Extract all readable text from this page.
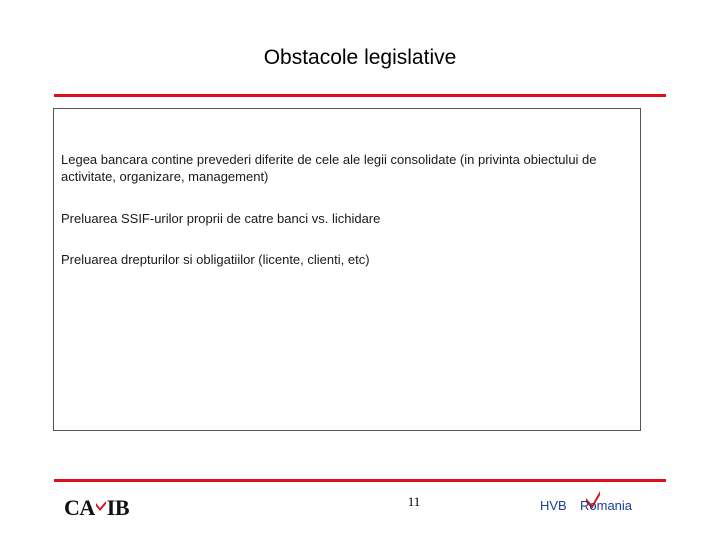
Obstacole legislative
Legea bancara contine prevederi diferite de cele ale legii consolidate (in privinta obiectului de activitate, organizare, management)
Preluarea SSIF-urilor proprii de catre banci vs. lichidare
Preluarea drepturilor si obligatiilor (licente, clienti, etc)
CA IB	11	HVB Romania
